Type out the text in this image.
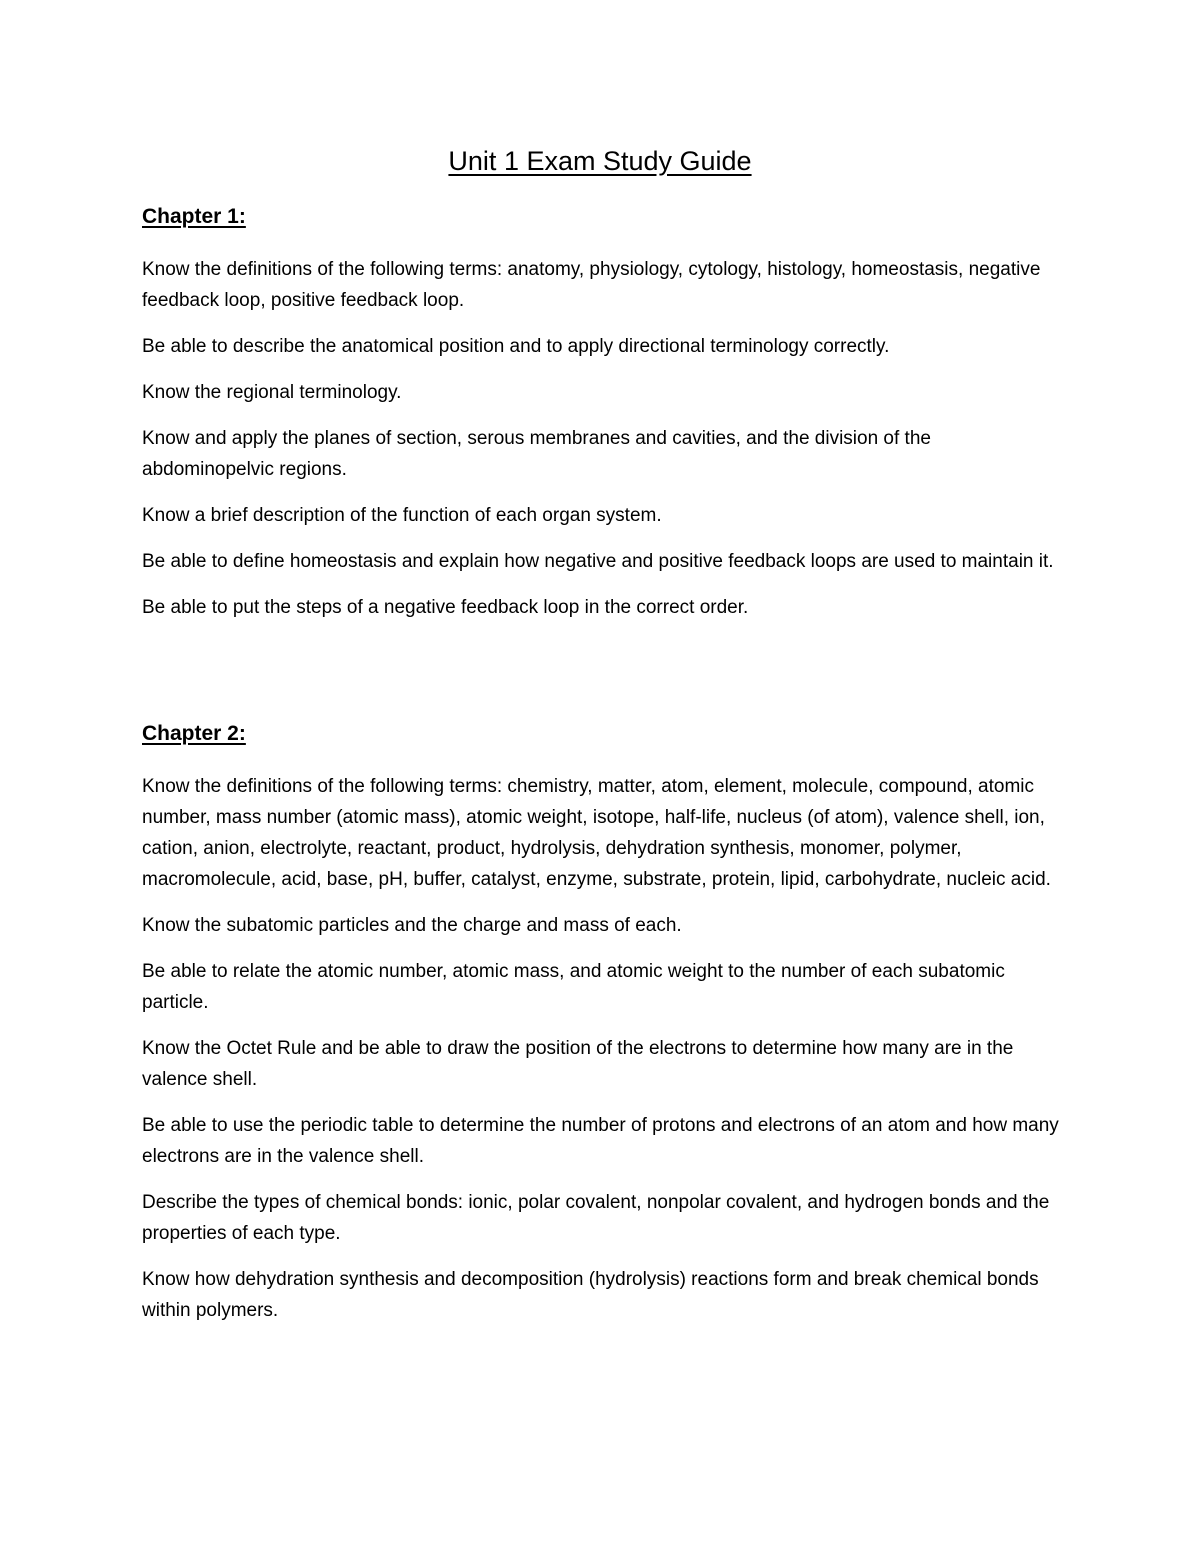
Unit 1 Exam Study Guide
Chapter 1:

Know the definitions of the following terms: anatomy, physiology, cytology, histology, homeostasis, negative feedback loop, positive feedback loop.

Be able to describe the anatomical position and to apply directional terminology correctly.

Know the regional terminology.

Know and apply the planes of section, serous membranes and cavities, and the division of the abdominopelvic regions.

Know a brief description of the function of each organ system.

Be able to define homeostasis and explain how negative and positive feedback loops are used to maintain it.

Be able to put the steps of a negative feedback loop in the correct order.

Chapter 2:

Know the definitions of the following terms: chemistry, matter, atom, element, molecule, compound, atomic number, mass number (atomic mass), atomic weight, isotope, half-life, nucleus (of atom), valence shell, ion, cation, anion, electrolyte, reactant, product, hydrolysis, dehydration synthesis, monomer, polymer, macromolecule, acid, base, pH, buffer, catalyst, enzyme, substrate, protein, lipid, carbohydrate, nucleic acid.

Know the subatomic particles and the charge and mass of each.

Be able to relate the atomic number, atomic mass, and atomic weight to the number of each subatomic particle.

Know the Octet Rule and be able to draw the position of the electrons to determine how many are in the valence shell.

Be able to use the periodic table to determine the number of protons and electrons of an atom and how many electrons are in the valence shell.

Describe the types of chemical bonds: ionic, polar covalent, nonpolar covalent, and hydrogen bonds and the properties of each type.

Know how dehydration synthesis and decomposition (hydrolysis) reactions form and break chemical bonds within polymers.
